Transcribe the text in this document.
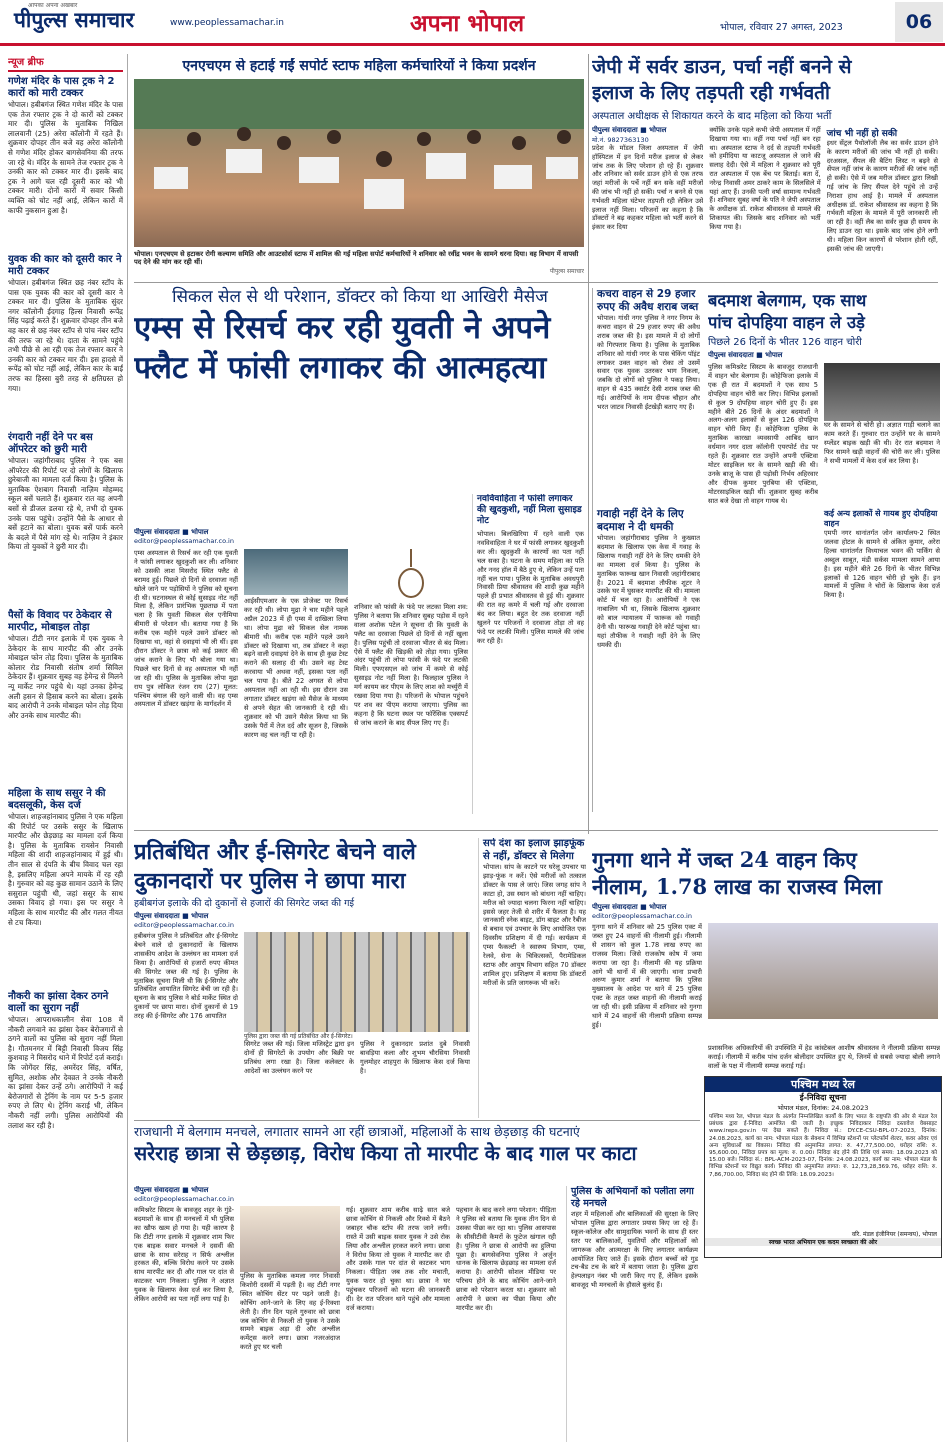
आपका अपना अखबार
पीपुल्स समाचार	www.peoplessamachar.in	अपना भोपाल	भोपाल, रविवार 27 अगस्त, 2023	06
न्यूज ब्रीफ
गणेश मंदिर के पास ट्रक ने 2 कारों को मारी टक्कर
भोपाल। हबीबगंज स्थित गणेश मंदिर के पास एक तेज रफ्तार ट्रक ने दो कारों को टक्कर मार दी। पुलिस के मुताबिक निखिल लालवानी (25) अरेरा कॉलोनी में रहते हैं। शुक्रवार दोपहर तीन बजे वह अरेरा कॉलोनी से गणेश मंदिर होकर बागसेवनिया की तरफ जा रहे थे। मंदिर के सामने तेज रफ्तार ट्रक ने उनकी कार को टक्कर मार दी। इसके बाद ट्रक ने आगे चल रही दूसरी कार को भी टक्कर मारी। दोनों कारों में सवार किसी व्यक्ति को चोट नहीं आई, लेकिन कारों में काफी नुकसान हुआ है।
युवक की कार को दूसरी कार ने मारी टक्कर
भोपाल। हबीबगंज स्थित छह नंबर स्टॉप के पास एक युवक की कार को दूसरी कार ने टक्कर मार दी। पुलिस के मुताबिक सुंदर नगर कॉलोनी ईदगाह हिल्स निवासी रूपेंद्र सिंह पढ़ाई करते हैं। शुक्रवार दोपहर तीन बजे वह कार से छह नंबर स्टॉप से पांच नंबर स्टॉप की तरफ जा रहे थे। दाता के सामने पहुंचे तभी पीछे से आ रही एक तेज रफ्तार कार ने उनकी कार को टक्कर मार दी। इस हादसे में रूपेंद्र को चोट नहीं आई, लेकिन कार के बाईं तरफ का हिस्सा बुरी तरह से क्षतिग्रस्त हो गया।
रंगदारी नहीं देने पर बस ऑपरेटर को छुरी मारी
भोपाल। जहांगीराबाद पुलिस ने एक बस ऑपरेटर की रिपोर्ट पर दो लोगों के खिलाफ छुरेबाजी का मामला दर्ज किया है। पुलिस के मुताबिक ऐशबाग निवासी नाज़िम मोहम्मद स्कूल बसें चलाते हैं। शुक्रवार रात वह अपनी बसों से डीजल डलवा रहे थे, तभी दो युवक उनके पास पहुंचे। उन्होंने पैसे के आधार से बसें हटाने का बोला। युवक बसें पार्क करने के बदले में पैसे मांग रहे थे। नाज़िम ने इंकार किया तो युवकों ने छुरी मार दी।
पैसों के विवाद पर ठेकेदार से मारपीट, मोबाइल तोड़ा
भोपाल। टीटी नगर इलाके में एक युवक ने ठेकेदार के साथ मारपीट की और उनके मोबाइल फोन तोड़ दिया। पुलिस के मुताबिक कोलार रोड निवासी संतोष शर्मा सिविल ठेकेदार हैं। शुक्रवार सुबह वह हेमेन्द्र से मिलने न्यू मार्केट नगर पहुंचे थे। यहां उनका हेमेन्द्र अली हसन से हिसाब करने का बोला। इसके बाद आरोपी ने उनके मोबाइल फोन तोड़ दिया और उनके साथ मारपीट की।
महिला के साथ ससुर ने की बदसलूकी, केस दर्ज
भोपाल। शाहजहांनाबाद पुलिस ने एक महिला की रिपोर्ट पर उसके ससुर के खिलाफ मारपीट और छेड़छाड़ का मामला दर्ज किया है। पुलिस के मुताबिक रायसेन निवासी महिला की शादी शाहजहांनाबाद में हुई थी। तीन साल से दंपति के बीच विवाद चल रहा है, इसलिए महिला अपने मायके में रह रही है। गुरुवार को वह कुछ सामान उठाने के लिए ससुराल पहुंची थी, जहां ससुर के साथ उसका विवाद हो गया। इस पर ससुर ने महिला के साथ मारपीट की और गलत नीयत से टच किया।
नौकरी का झांसा देकर ठगने वालों का सुराग नहीं
भोपाल। आपराधकालीन सेवा 108 में नौकरी लगवाने का झांसा देकर बेरोजगारों से ठगने वालों का पुलिस को सुराग नहीं मिला है। गौतमनगर में बिट्टी निवासी विजय सिंह कुशवाह ने मिसरोद थाने में रिपोर्ट दर्ज कराई। कि जोगेंदर सिंह, अमरेंदर सिंह, वर्षित, सुमित, अशोक और देवव्रत ने उनके नौकरी का झांसा देकर उन्हें ठगे। आरोपियों ने कई बेरोजगारों से ट्रेनिंग के नाम पर 5-5 हजार रुपए ले लिए थे। ट्रेनिंग कराई भी, लेकिन नौकरी नहीं लगी। पुलिस आरोपियों की तलाश कर रही है।
एनएचएम से हटाई गईं सपोर्ट स्टाफ महिला कर्मचारियों ने किया प्रदर्शन
भोपाल। एनएचएम से हटाकर रोगी कल्याण समिति और आउटसोर्स स्टाफ में शामिल की गईं महिला सपोर्ट कर्मचारियों ने शनिवार को रवींद्र भवन के सामने धरना दिया। वह विभाग में वापसी पद देने की मांग कर रही थीं।
पीपुल्स समाचार
जेपी में सर्वर डाउन, पर्चा नहीं बनने से
इलाज के लिए तड़पती रही गर्भवती
अस्पताल अधीक्षक से शिकायत करने के बाद महिला को किया भर्ती
पीपुल्स संवाददाता ■ भोपाल
मो.नं. 9827363130
प्रदेश के मॉडल जिला अस्पताल में जेपी हॉस्पिटल में इन दिनों मरीज इलाज से लेकर जांच तक के लिए परेशान हो रहे हैं। शुक्रवार और शनिवार को सर्वर डाउन होने से एक तरफ जहां मरीजों के पर्चे नहीं बन सके वहीं मरीजों की जांच भी नहीं हो सकी। पर्चा न बनने से एक गर्भवती महिला घंटेभर तड़पती रही लेकिन उसे इलाज नहीं मिला। परिजनों का कहना है कि डॉक्टरों ने बढ़ कहकर महिला को भर्ती करने से इंकार कर दिया
क्योंकि उनके पहले कभी जेपी अस्पताल में नहीं दिखाया गया था। वहीं नया पर्चा नहीं बन रहा था। अस्पताल स्टाफ ने दर्द से तड़पती गर्भवती को हमीदिया या काटजू अस्पताल ले जाने की सलाह देदी। ऐसे में महिला ने शुक्रवार को पूरी रात अस्पताल में एक बेंच पर बिताई। बता दें, नरेन्द्र निवासी अमर ठाकरे काम के सिलसिले में यहां आए हैं। उनकी पत्नी वर्षा सामान्य गर्भवती हैं। शनिवार सुबह वर्षा के पति ने जेपी अस्पताल के अधीक्षक डॉ. राकेश श्रीवास्तव से मामले की शिकायत की। जिसके बाद शनिवार को भर्ती किया गया है।
जांच भी नहीं हो सकी
इधर सेंट्रल पैथोलॉजी लैब का सर्वर डाउन होने के कारण मरीजों की जांच भी नहीं हो सकी। दरअसल, सैंपल की बैटिंग लिस्ट न बढ़ने से सेंपल नहीं जांच के कारण मरीजों की जांच नहीं हो सकी। ऐसे में जब मरीज डॉक्टर द्वारा लिखी गई जांच के लिए सैंपल देने पहुंचे तो उन्हें निराशा हाथ आई है। मामले में अस्पताल अधीक्षक डॉ. राकेश श्रीवास्तव का कहना है कि गर्भवती महिला के मामले में पूरी जानकारी ली जा रही है। वहीं लैब का सर्वर कुछ ही समय के लिए डाउन रहा था। इसके बाद जांच होने लगी थी। महिला किन कारणों से परेशान होती रहीं, इसकी जांच की जाएगी।
सिकल सेल से थी परेशान, डॉक्टर को किया था आखिरी मैसेज
एम्स से रिसर्च कर रही युवती ने अपने
फ्लैट में फांसी लगाकर की आत्महत्या
पीपुल्स संवाददाता ■ भोपाल
editor@peoplessamachar.co.in
एम्स अस्पताल से रिसर्च कर रही एक युवती ने फांसी लगाकर खुदकुशी कर ली। शनिवार को उसकी लाश मिसरोद स्थित फ्लैट से बरामद हुई। पिछले दो दिनों से दरवाजा नहीं खोले जाने पर पड़ोसियों ने पुलिस को सूचना दी थी। घटनास्थल से कोई सुसाइड नोट नहीं मिला है, लेकिन प्रारंभिक पूछताछ में पता चला है कि युवती सिकल सेल एनीमिया बीमारी से परेशान थी। बताया गया है कि करीब एक महीने पहले उसने डॉक्टर को दिखाया था, वहां से दवाइयां भी ली थीं। इस दौरान डॉक्टर ने छात्रा को कई प्रकार की जांच कराने के लिए भी बोला गया था। पिछले चार दिनों से वह अस्पताल भी नहीं जा रही थी। पुलिस के मुताबिक लोपा मुद्रा राय पुत्र लोकित रंजन राय (27) मूलत: पश्चिम बंगाल की रहने वाली थी। वह एम्स अस्पताल में डॉक्टर खड़ंगा के मार्गदर्शन में
आईसीएमआर के एक प्रोजेक्ट पर रिसर्च कर रही थी। लोपा मुद्रा ने चार महीने पहले अप्रैल 2023 में ही एम्स में दाखिला लिया था। लोपा मुद्रा को सिकल सेल नामक बीमारी थी। करीब एक महीने पहले उसने डॉक्टर को दिखाया था, तब डॉक्टर ने कहा बढ़ने वाली दवाइयां देने के साथ ही कुछ टेस्ट कराने की सलाह दी थी। उसने वह टेस्ट करवाया भी अथवा नहीं, इसका पता नहीं चल पाया है। बीते 22 अगस्त से लोपा अस्पताल नहीं आ रही थी। इस दौरान उस लगातार डॉक्टर खड़ंगा को मैसेज के माध्यम से अपने सेहत की जानकारी दे रही थी। शुक्रवार को भी उसने मैसेज किया था कि उसके पैरों में तेज दर्द और सूजन है, जिसके कारण वह चल नहीं पा रही है।
शनिवार को फांसी के फंदे पर लटका मिला शव: पुलिस ने बताया कि शनिवार सुबह पड़ोस में रहने वाला अशोक पटेल ने सूचना दी कि युवती के फ्लैट का दरवाजा पिछले दो दिनों से नहीं खुला है। पुलिस पहुंची तो दरवाजा भीतर से बंद मिला। ऐसे में फ्लैट की खिड़की को तोड़ा गया। पुलिस अंदर पहुंची तो लोपा फांसी के फंदे पर लटकी मिली। एफएसएल को जांच में कमरे से कोई सुसाइड नोट नहीं मिला है। फिलहाल पुलिस ने मर्ग कायम कर पीएम के लिए लाश को मर्च्युरी में रखवा दिया गया है। परिजनों के भोपाल पहुंचने पर शव का पीएम कराया जाएगा। पुलिस का कहना है कि घटना स्थल पर फॉरेंसिक एक्सपर्ट से जांच कराने के बाद सैंपल लिए गए हैं।
नवविवाहिता ने फांसी लगाकर की खुदकुशी, नहीं मिला सुसाइड नोट
भोपाल। बिलखिरिया में रहने वाली एक नवविवाहिता ने घर में फांसी लगाकर खुदकुशी कर ली। खुदकुशी के कारणों का पता नहीं चल सका है। घटना के समय महिला का पति और ननद हॉल में बैठे हुए थे, लेकिन उन्हें पता नहीं चल पाया। पुलिस के मुताबिक अवधपुरी निवासी प्रिया श्रीवास्तव की शादी कुछ महीने पहले ही प्रभात श्रीवास्तव से हुई थी। शुक्रवार की रात वह कमरे में चली गई और दरवाजा बंद कर लिया। बहुत देर तक दरवाजा नहीं खुलने पर परिजनों ने दरवाजा तोड़ा तो वह फंदे पर लटकी मिली। पुलिस मामले की जांच कर रही है।
कचरा वाहन से 29 हजार रुपए की अवैध शराब जब्त
भोपाल। गांधी नगर पुलिस ने नगर निगम के कचरा वाहन से 29 हजार रुपए की अवैध शराब जब्त की है। इस मामले में दो लोगों को गिरफ्तार किया है। पुलिस के मुताबिक शनिवार को गांधी नगर के पास चेकिंग पॉइंट लगाकर उक्त वाहन को रोका तो उसमें सवार एक युवक उतरकर भाग निकला, जबकि दो लोगों को पुलिस ने पकड़ लिया। वाहन से 435 क्वार्टर देसी शराब जब्त की गई। आरोपियों के नाम दीपक चौहान और भरत जाटव निवासी ईंटखेड़ी बताए गए हैं।
गवाही नहीं देने के लिए बदमाश ने दी धमकी
भोपाल। जहांगीराबाद पुलिस ने कुख्यात बदमाश के खिलाफ एक केस में गवाह के खिलाफ गवाही नहीं देने के लिए धमकी देने का मामला दर्ज किया है। पुलिस के मुताबिक फारूख खान निवासी जहांगीराबाद है। 2021 में बदमाश तौफीक शूटर ने उसके घर में घुसकर मारपीट की थी। मामला कोर्ट में चल रहा है। आरोपियों ने एक नाबालिग भी था, जिसके खिलाफ शुक्रवार को बाल न्यायालय में फारूक को गवाही देनी थी। फारूख गवाही देने कोर्ट पहुंचा था। यहां तौफीक ने गवाही नहीं देने के लिए धमकी दी।
बदमाश बेलगाम, एक साथ
पांच दोपहिया वाहन ले उड़े
पिछले 26 दिनों के भीतर 126 वाहन चोरी
पीपुल्स संवाददाता ■ भोपाल
पुलिस कमिश्नरेट सिस्टम के बावजूद राजधानी में वाहन चोर बेलगाम हैं। कोहेफिजा इलाके में एक ही रात में बदमाशों ने एक साथ 5 दोपहिया वाहन चोरी कर लिए। विभिन्न इलाकों से कुल 9 दोपहिया वाहन चोरी हुए हैं। इस महीने बीते 26 दिनों के अंदर बदमाशों ने अलग-अलग इलाकों से कुल 126 दोपहिया वाहन चोरी किए हैं। कोहेफिजा पुलिस के मुताबिक कारखा व्यवसायी आबिद खान वर्धमान नगर दाता कॉलोनी एयरपोर्ट रोड पर रहते हैं। शुक्रवार रात उन्होंने अपनी एक्टिवा मोटर साइकिल घर के सामने खड़ी की थी। उनके बाजू के पास ही पड़ोसी निर्भय अहिरवार और दीपक कुमार पुरबिया की एक्टिवा, मोटरसाइकिल खड़ी थीं। शुक्रवार सुबह करीब सात बजे देखा तो वाहन गायब थे।
घर के सामने से चोरी हो। अज्ञात गाड़ी चलाने का काम करते हैं। गुरुवार रात उन्होंने घर के सामने स्प्लेंडर बाइक खड़ी की थी। देर रात बदमाश ने फिर सामने खड़ी वाहनों की चोरी कर ली। पुलिस ने सभी मामलों में केस दर्ज कर लिया है।
कई अन्य इलाकों से गायब हुए दोपहिया वाहन
एमपी नगर थानांतर्गत जोन कार्यालय-2 स्थित जलवा होटल के सामने से अंकित कुमार, अरेरा हिल्स थानांतर्गत विध्याचल भवन की पार्किंग से अब्दुल साबूत, मंडी सर्कस मामला सामने आया है। इस महीने बीते 26 दिनों के भीतर विभिन्न इलाकों से 126 वाहन चोरी हो चुके हैं। इन मामलों में पुलिस ने चोरों के खिलाफ केस दर्ज किया है।
प्रतिबंधित और ई-सिगरेट बेचने वाले
दुकानदारों पर पुलिस ने छापा मारा
हबीबगंज इलाके की दो दुकानों से हजारों की सिगरेट जब्त की गई
पीपुल्स संवाददाता ■ भोपाल
editor@peoplessamachar.co.in
हबीबगंज पुलिस ने प्रतिबंधित और ई-सिगरेट बेचने वाले दो दुकानदारों के खिलाफ शासकीय आदेश के उल्लंघन का मामला दर्ज किया है। आरोपियों से हजारों रुपए कीमत की सिगरेट जब्त की गई है। पुलिस के मुताबिक सूचना मिली थी कि ई-सिगरेट और प्रतिबंधित आयातित सिगरेट बेची जा रही है। सूचना के बाद पुलिस ने बोर्ड मार्केट स्थित दो दुकानों पर छापा मारा। दोनों दुकानों से 19 तरह की ई-सिगरेट और 176 आयातित
पुलिस द्वारा जब्त की गई प्रतिबंधित और ई-सिगरेट।
सिगरेट जब्त की गई। जिला मजिस्ट्रेट द्वारा इन दोनों ही सिगरेटों के उपयोग और बिक्री पर प्रतिबंध लगा रखा है। जिला कलेक्टर के आदेशों का उल्लंघन करने पर
पुलिस ने दुकानदार प्रशांत दुबे निवासी बावड़िया कला और शुभम चौरसिया निवासी गुलमोहर शाहपुरा के खिलाफ केस दर्ज किया है।
सर्प दंश का इलाज झाड़फूंक से नहीं, डॉक्टर से मिलेगा
भोपाल। सांप के काटने पर घरेलू उपचार या झाड़-फूंक न करें। ऐसे मरीजों को तत्काल डॉक्टर के पास ले जाएं। जिस जगह सांप ने काटा हो, उस स्थान को बांधना नहीं चाहिए। मरीज को ज्यादा चलना फिरना नहीं चाहिए। इससे जहर तेजी से शरीर में फैलता है। यह जानकारी स्नेक बाइट, डॉग बाइट और रैबीज से बचाव एवं उपचार के लिए आयोजित एक दिवसीय प्रशिक्षण में दी गई। कार्यक्रम में एम्स फैकल्टी ने स्वास्थ्य विभाग, एम्स, रेलवे, सेना के चिकित्सकों, पैरामेडिकल स्टाफ और आयुष विभाग सहित 70 डॉक्टर शामिल हुए। प्रशिक्षण में बताया कि डॉक्टरों मरीजों के प्रति जागरूक भी करें।
गुनगा थाने में जब्त 24 वाहन किए
नीलाम, 1.78 लाख का राजस्व मिला
पीपुल्स संवाददाता ■ भोपाल
editor@peoplessamachar.co.in
गुनगा थाने में शनिवार को 25 पुलिस एक्ट में जब्त हुए 24 वाहनों की नीलामी हुई। नीलामी से शासन को कुल 1.78 लाख रुपए का राजस्व मिला। जिसे राजकोष कोष में जमा कराया जा रहा है। नीलामी की यह प्रक्रिया आगे भी थानों में की जाएगी। थाना प्रभारी अरुण कुमार शर्मा ने बताया कि पुलिस मुख्यालय के आदेश पर थाने में 25 पुलिस एक्ट के तहत जब्त वाहनों की नीलामी कराई जा रही थी। इसी प्रक्रिया में शनिवार को गुनगा थाने में 24 वाहनों की नीलामी प्रक्रिया सम्पन्न हुई।
प्रशासनिक अधिकारियों की उपस्थिति में हेड कांस्टेबल आशीष श्रीवास्तव ने नीलामी प्रक्रिया सम्पन्न कराई। नीलामी में करीब पांच दर्जन बोलीदार उपस्थित हुए थे, जिनमें से सबसे ज्यादा बोली लगाने वालों के पक्ष में नीलामी सम्पन्न कराई गई।
पश्चिम मध्य रेल
ई-निविदा सूचना
भोपाल मंडल, दिनांक: 24.08.2023
पश्चिम मध्य रेल, भोपाल मंडल के अंतर्गत निम्नलिखित कार्यों के लिए भारत के राष्ट्रपति की ओर से मंडल रेल प्रबंधक द्वारा ई-निविदा आमंत्रित की जाती है। इच्छुक निविदाकार निविदा दस्तावेज वेबसाइट www.ireps.gov.in पर देख सकते हैं। निविदा सं.: DY.CE-CSU-BPL-07-2023, दिनांक: 24.08.2023, कार्य का नाम: भोपाल मंडल के सेक्शन में विभिन्न स्टेशनों पर प्लेटफॉर्म शेल्टर, कवर ओवर एवं अन्य सुविधाओं का विकास। निविदा की अनुमानित लागत: रु. 47,77,500.00, धरोहर राशि: रु. 95,600.00, निविदा प्रपत्र का मूल्य: रु. 0.00। निविदा बंद होने की तिथि एवं समय: 18.09.2023 को 15.00 बजे। निविदा सं.: BPL-ACM-2023-07, दिनांक: 24.08.2023, कार्य का नाम: भोपाल मंडल के विभिन्न स्टेशनों पर विद्युत कार्य। निविदा की अनुमानित लागत: रु. 12,73,28,369.76, धरोहर राशि: रु. 7,86,700.00, निविदा बंद होने की तिथि: 18.09.2023।
वरि. मंडल इंजीनियर (समन्वय), भोपाल
स्वच्छ भारत अभियान एक कदम स्वच्छता की ओर
राजधानी में बेलगाम मनचले, लगातार सामने आ रहीं छात्राओं, महिलाओं के साथ छेड़छाड़ की घटनाएं
सरेराह छात्रा से छेड़छाड़, विरोध किया तो मारपीट के बाद गाल पर काटा
पीपुल्स संवाददाता ■ भोपाल
editor@peoplessamachar.co.in
कमिश्नरेट सिस्टम के बावजूद शहर के गुंडे-बदमाशों के साथ ही मनचलों में भी पुलिस का खौफ खत्म हो गया है। यही कारण है कि टीटी नगर इलाके में शुक्रवार शाम फिर एक बाइक सवार मनचले ने दसवीं की छात्रा के साथ सरेराह न सिर्फ अश्लील हरकत की, बल्कि विरोध करने पर उसके साथ मारपीट कर दी और गाल पर दांत से काटकर भाग निकला। पुलिस ने अज्ञात युवक के खिलाफ केस दर्ज कर लिया है, लेकिन आरोपी का पता नहीं लगा पाई है।
पुलिस के मुताबिक कमला नगर निवासी किशोरी दसवीं में पढ़ती है। वह टीटी नगर स्थित कोचिंग सेंटर पर पढ़ने जाती है। कोचिंग आने-जाने के लिए वह ई-रिक्शा लेती है। तीन दिन पहले गुरुवार को छात्रा जब कोचिंग से निकली तो युवक ने उसके सामने बाइक अड़ा दी और अश्लील कमेंट्स करने लगा। छात्रा नजरअंदाज करते हुए घर चली
गई। शुक्रवार शाम करीब साढ़े सात बजे छात्रा कोचिंग से निकली और रिक्शे में बैठने जबाहर चौक स्टॉप की तरफ जाने लगी। रास्ते में उसी बाइक सवार युवक ने उसे रोक लिया और अश्लील हरकत करने लगा। छात्रा ने विरोध किया तो युवक ने मारपीट कर दी और उसके गाल पर दांत से काटकर भाग निकला। पीड़िता जब तक शोर मचाती, युवक फरार हो चुका था। छात्रा ने घर पहुंचकर परिजनों को घटना की जानकारी दी। देर रात परिजन थाने पहुंचे और मामला दर्ज कराया।
पहचान के बाद करने लगा परेशान: पीड़िता ने पुलिस को बताया कि युवक तीन दिन से उसका पीछा कर रहा था। पुलिस आसपास के सीसीटीवी कैमरों के फुटेज खंगाल रही है। पुलिस ने छात्रा से आरोपी का हुलिया पूछा है। बागसेवनिया पुलिस ने अर्जुन धानक के खिलाफ छेड़छाड़ का मामला दर्ज कराया है। आरोपी सोशल मीडिया पर परिचय होने के बाद कोचिंग आने-जाने छात्रा को परेशान करता था। शुक्रवार को आरोपी ने छात्रा का पीछा किया और मारपीट कर दी।
पुलिस के अभियानों को पलीता लगा रहे मनचले
शहर में महिलाओं और बालिकाओं की सुरक्षा के लिए भोपाल पुलिस द्वारा लगातार प्रयास किए जा रहे हैं। स्कूल-कॉलेज और सामुदायिक भवनों के साथ ही स्तर स्तर पर बालिकाओं, युवतियों और महिलाओं को जागरूक और आत्मरक्षा के लिए लगातार कार्यक्रम आयोजित किए जाते हैं। इसके दौरान बच्चों को गुड टच-बैड टच के बारे में बताया जाता है। पुलिस द्वारा हेल्पलाइन नंबर भी जारी किए गए हैं, लेकिन इसके बावजूद भी मनचलों के हौसले बुलंद हैं।
